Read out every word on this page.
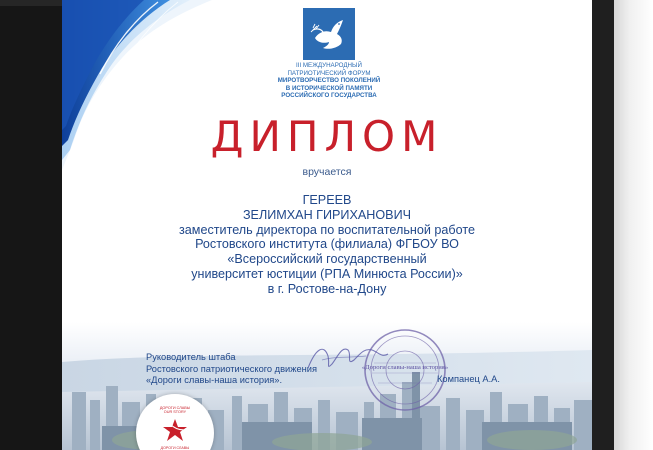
III МЕЖДУНАРОДНЫЙ
ПАТРИОТИЧЕСКИЙ ФОРУМ
МИРОТВОРЧЕСТВО ПОКОЛЕНИЙ
В ИСТОРИЧЕСКОЙ ПАМЯТИ
РОССИЙСКОГО ГОСУДАРСТВА
ДИПЛОМ
вручается
ГЕРЕЕВ
ЗЕЛИМХАН ГИРИХАНОВИЧ
заместитель директора по воспитательной работе
Ростовского института (филиала) ФГБОУ ВО
«Всероссийский государственный
университет юстиции (РПА Минюста России)»
в г. Ростове-на-Дону
«Дороги славы-наша история»
Руководитель штаба
Ростовского патриотического движения
«Дороги славы-наша история».	Компанец А.А.
ДОРОГИ СЛАВЫ
OUR STORY
ДОРОГИ СЛАВЫ
